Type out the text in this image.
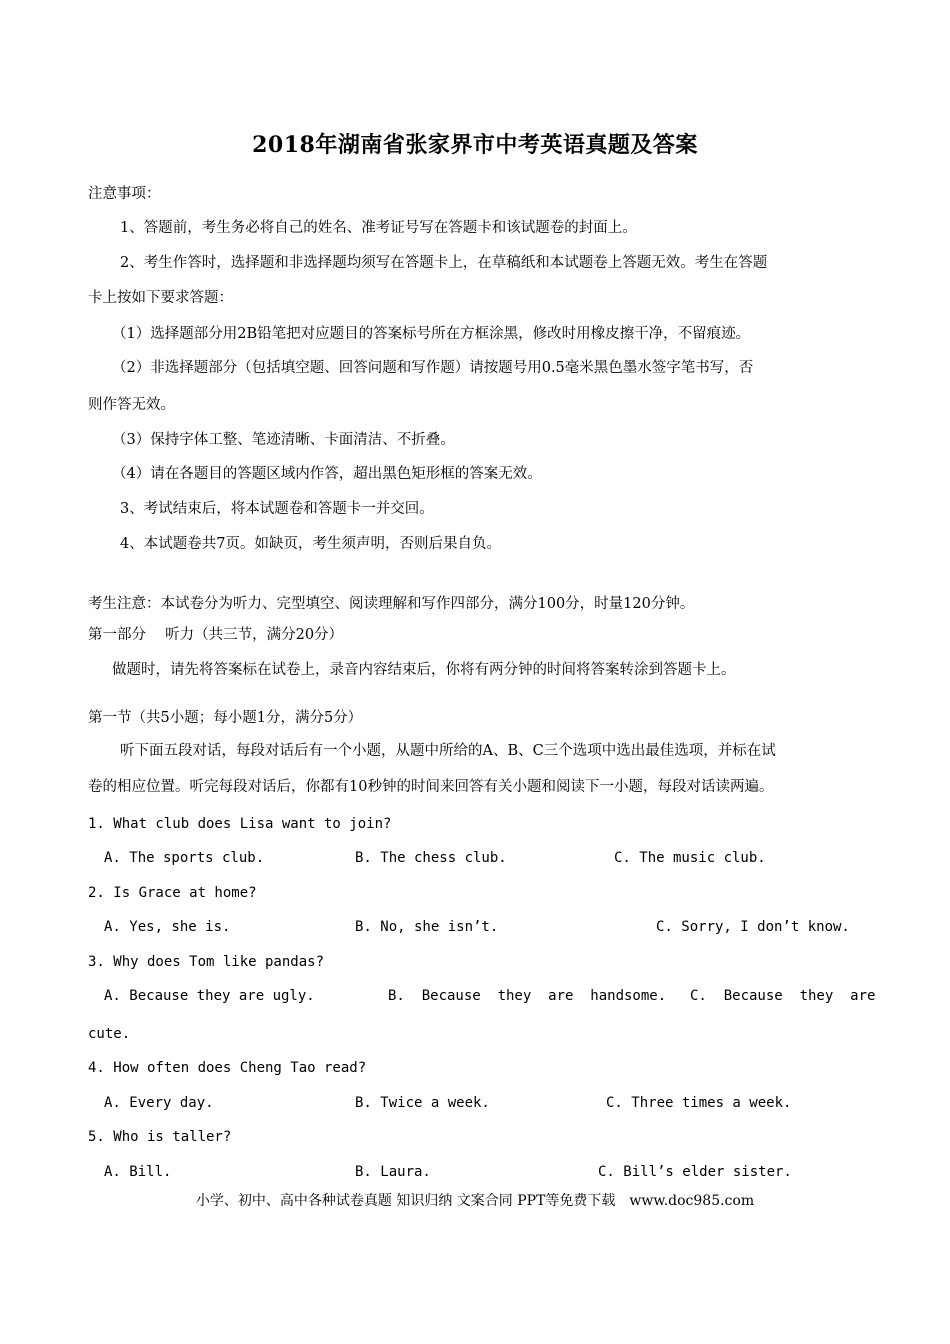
2018年湖南省张家界市中考英语真题及答案
注意事项：
1、答题前，考生务必将自己的姓名、准考证号写在答题卡和该试题卷的封面上。
2、考生作答时，选择题和非选择题均须写在答题卡上，在草稿纸和本试题卷上答题无效。考生在答题
卡上按如下要求答题：
（1）选择题部分用2B铅笔把对应题目的答案标号所在方框涂黑，修改时用橡皮擦干净，不留痕迹。
（2）非选择题部分（包括填空题、回答问题和写作题）请按题号用0.5毫米黑色墨水签字笔书写，否
则作答无效。
（3）保持字体工整、笔迹清晰、卡面清洁、不折叠。
（4）请在各题目的答题区域内作答，超出黑色矩形框的答案无效。
3、考试结束后，将本试题卷和答题卡一并交回。
4、本试题卷共7页。如缺页，考生须声明，否则后果自负。
考生注意：本试卷分为听力、完型填空、阅读理解和写作四部分，满分100分，时量120分钟。
第一部分　 听力（共三节，满分20分）
做题时，请先将答案标在试卷上，录音内容结束后，你将有两分钟的时间将答案转涂到答题卡上。
第一节（共5小题；每小题1分，满分5分）
听下面五段对话，每段对话后有一个小题，从题中所给的A、B、C三个选项中选出最佳选项，并标在试
卷的相应位置。听完每段对话后，你都有10秒钟的时间来回答有关小题和阅读下一小题，每段对话读两遍。
1. What club does Lisa want to join?
A. The sports club.	B. The chess club.	C. The music club.
2. Is Grace at home?
A. Yes, she is.	B. No, she isn’t.	C. Sorry, I don’t know.
3. Why does Tom like pandas?
A. Because they are ugly.	B.  Because  they  are  handsome. C.  Because  they  are
cute.
4. How often does Cheng Tao read?
A. Every day.	B. Twice a week.	C. Three times a week.
5. Who is taller?
A. Bill.	B. Laura.	C. Bill’s elder sister.
小学、初中、高中各种试卷真题 知识归纳 文案合同 PPT等免费下载　www.doc985.com
